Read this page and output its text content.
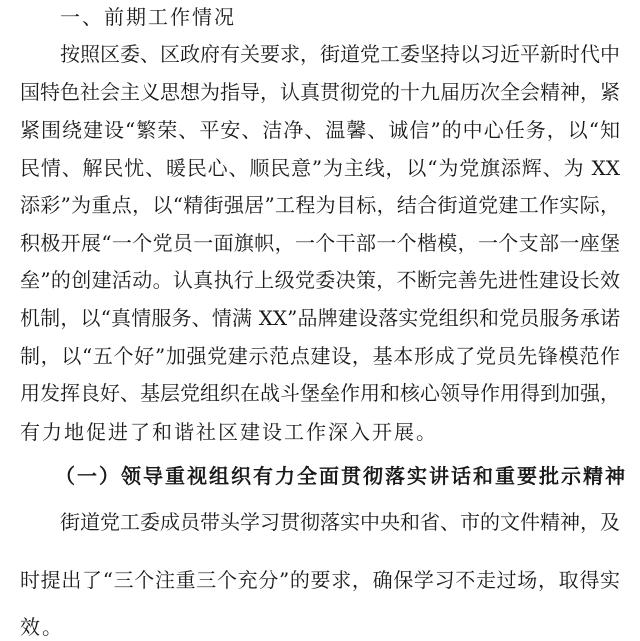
一、前期工作情况
按照区委、区政府有关要求，街道党工委坚持以习近平新时代中
国特色社会主义思想为指导，认真贯彻党的十九届历次全会精神，紧
紧围绕建设“繁荣、平安、洁净、温馨、诚信”的中心任务，以“知
民情、解民忧、暖民心、顺民意”为主线，以“为党旗添辉、为 XX
添彩”为重点，以“精街强居”工程为目标，结合街道党建工作实际，
积极开展“一个党员一面旗帜，一个干部一个楷模，一个支部一座堡
垒”的创建活动。认真执行上级党委决策，不断完善先进性建设长效
机制，以“真情服务、情满 XX”品牌建设落实党组织和党员服务承诺
制，以“五个好”加强党建示范点建设，基本形成了党员先锋模范作
用发挥良好、基层党组织在战斗堡垒作用和核心领导作用得到加强，
有力地促进了和谐社区建设工作深入开展。
（一）领导重视组织有力全面贯彻落实讲话和重要批示精神
街道党工委成员带头学习贯彻落实中央和省、市的文件精神，及
时提出了“三个注重三个充分”的要求，确保学习不走过场，取得实
效。
